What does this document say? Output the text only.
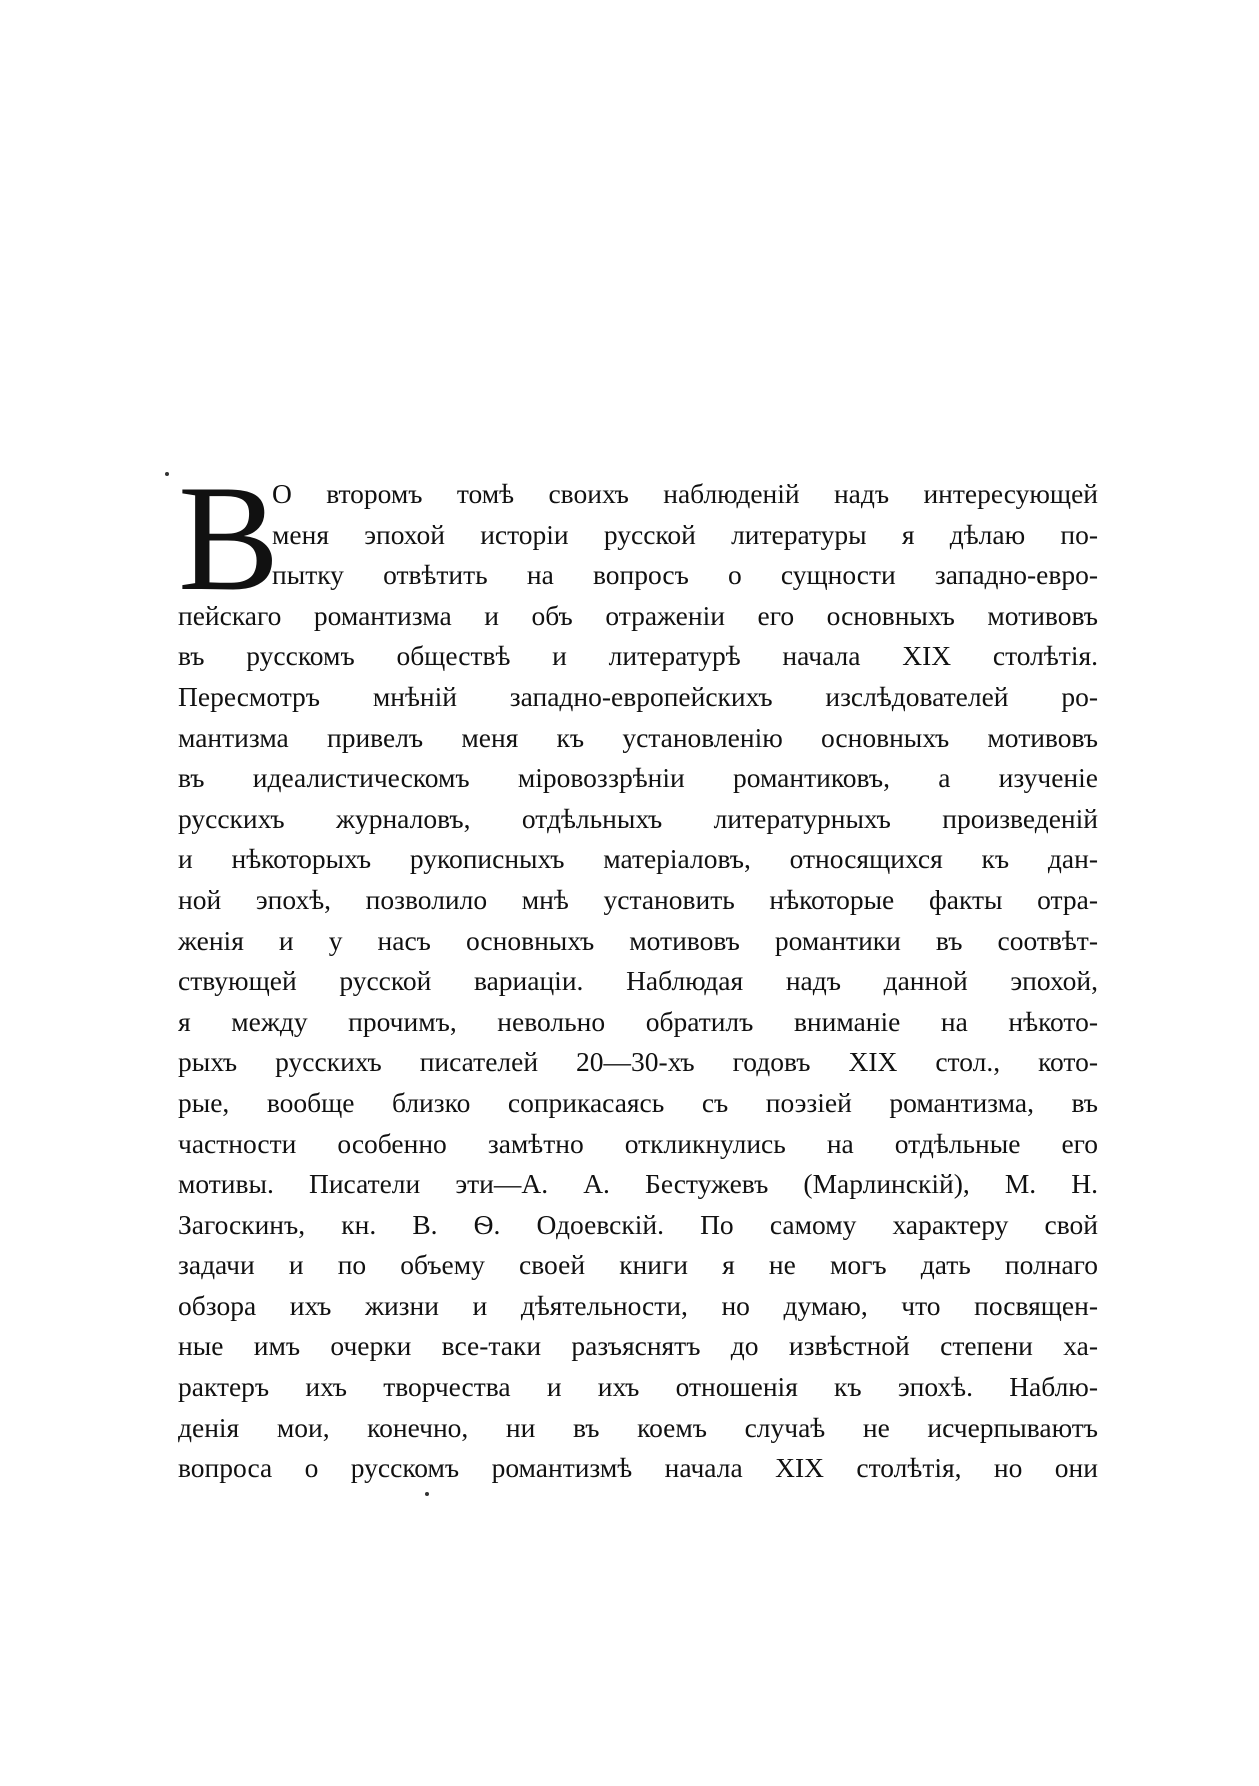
В
О второмъ томѣ своихъ наблюденій надъ интересующей
меня эпохой исторіи русской литературы я дѣлаю по-
пытку отвѣтить на вопросъ о сущности западно-евро-
пейскаго романтизма и объ отраженіи его основныхъ мотивовъ
въ русскомъ обществѣ и литературѣ начала XIX столѣтія.
Пересмотръ мнѣній западно-европейскихъ изслѣдователей ро-
мантизма привелъ меня къ установленію основныхъ мотивовъ
въ идеалистическомъ міровоззрѣніи романтиковъ, а изученіе
русскихъ журналовъ, отдѣльныхъ литературныхъ произведеній
и нѣкоторыхъ рукописныхъ матеріаловъ, относящихся къ дан-
ной эпохѣ, позволило мнѣ установить нѣкоторые факты отра-
женія и у насъ основныхъ мотивовъ романтики въ соотвѣт-
ствующей русской вариаціи. Наблюдая надъ данной эпохой,
я между прочимъ, невольно обратилъ вниманіе на нѣкото-
рыхъ русскихъ писателей 20—30-хъ годовъ XIX стол., кото-
рые, вообще близко соприкасаясь съ поэзіей романтизма, въ
частности особенно замѣтно откликнулись на отдѣльные его
мотивы. Писатели эти—А. А. Бестужевъ (Марлинскій), М. Н.
Загоскинъ, кн. В. Ѳ. Одоевскій. По самому характеру свой
задачи и по объему своей книги я не могъ дать полнаго
обзора ихъ жизни и дѣятельности, но думаю, что посвящен-
ные имъ очерки все-таки разъяснятъ до извѣстной степени ха-
рактеръ ихъ творчества и ихъ отношенія къ эпохѣ. Наблю-
денія мои, конечно, ни въ коемъ случаѣ не исчерпываютъ
вопроса о русскомъ романтизмѣ начала XIX столѣтія, но они
